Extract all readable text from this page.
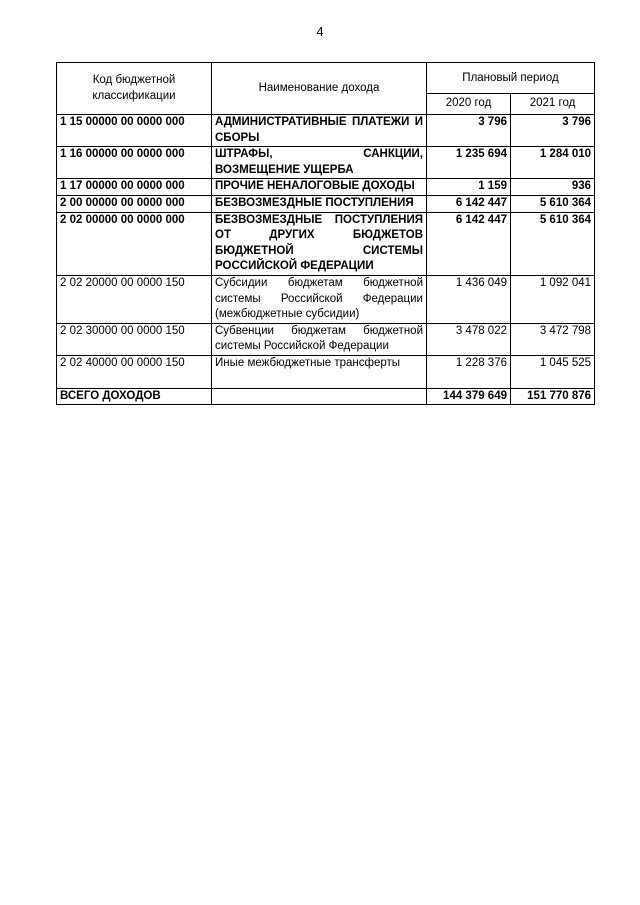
4
Код бюджетной классификации	Наименование дохода	Плановый период	
		2020 год	2021 год
1 15 00000 00 0000 000	АДМИНИСТРАТИВНЫЕ ПЛАТЕЖИ И СБОРЫ	3 796	3 796
1 16 00000 00 0000 000	ШТРАФЫ, САНКЦИИ, ВОЗМЕЩЕНИЕ УЩЕРБА	1 235 694	1 284 010
1 17 00000 00 0000 000	ПРОЧИЕ НЕНАЛОГОВЫЕ ДОХОДЫ	1 159	936
2 00 00000 00 0000 000	БЕЗВОЗМЕЗДНЫЕ ПОСТУПЛЕНИЯ	6 142 447	5 610 364
2 02 00000 00 0000 000	БЕЗВОЗМЕЗДНЫЕ ПОСТУПЛЕНИЯ ОТ ДРУГИХ БЮДЖЕТОВ БЮДЖЕТНОЙ СИСТЕМЫ РОССИЙСКОЙ ФЕДЕРАЦИИ	6 142 447	5 610 364
2 02 20000 00 0000 150	Субсидии бюджетам бюджетной системы Российской Федерации (межбюджетные субсидии)	1 436 049	1 092 041
2 02 30000 00 0000 150	Субвенции бюджетам бюджетной системы Российской Федерации	3 478 022	3 472 798
2 02 40000 00 0000 150	Иные межбюджетные трансферты	1 228 376	1 045 525
ВСЕГО ДОХОДОВ		144 379 649	151 770 876
